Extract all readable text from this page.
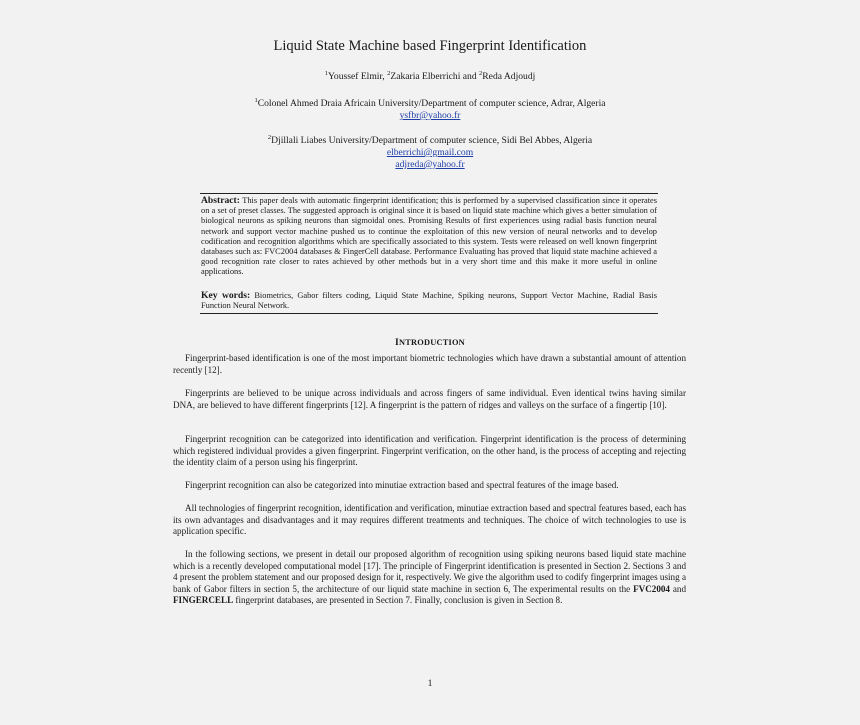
Liquid State Machine based Fingerprint Identification
$^1$Youssef Elmir, $^2$Zakaria Elberrichi and $^2$Reda Adjoudj
$^1$Colonel Ahmed Draia Africain University/Department of computer science, Adrar, Algeria
ysfbr@yahoo.fr
$^2$Djillali Liabes University/Department of computer science, Sidi Bel Abbes, Algeria
elberrichi@gmail.com
adjreda@yahoo.fr
Abstract: This paper deals with automatic fingerprint identification; this is performed by a supervised classification since it operates on a set of preset classes. The suggested approach is original since it is based on liquid state machine which gives a better simulation of biological neurons as spiking neurons than sigmoidal ones. Promising Results of first experiences using radial basis function neural network and support vector machine pushed us to continue the exploitation of this new version of neural networks and to develop codification and recognition algorithms which are specifically associated to this system. Tests were released on well known fingerprint databases such as: FVC2004 databases & FingerCell database. Performance Evaluating has proved that liquid state machine achieved a good recognition rate closer to rates achieved by other methods but in a very short time and this make it more useful in online applications.
Key words: Biometrics, Gabor filters coding, Liquid State Machine, Spiking neurons, Support Vector Machine, Radial Basis Function Neural Network.
INTRODUCTION
Fingerprint-based identification is one of the most important biometric technologies which have drawn a substantial amount of attention recently [12].
Fingerprints are believed to be unique across individuals and across fingers of same individual. Even identical twins having similar DNA, are believed to have different fingerprints [12]. A fingerprint is the pattern of ridges and valleys on the surface of a fingertip [10].
Fingerprint recognition can be categorized into identification and verification. Fingerprint identification is the process of determining which registered individual provides a given fingerprint. Fingerprint verification, on the other hand, is the process of accepting and rejecting the identity claim of a person using his fingerprint.
Fingerprint recognition can also be categorized into minutiae extraction based and spectral features of the image based.
All technologies of fingerprint recognition, identification and verification, minutiae extraction based and spectral features based, each has its own advantages and disadvantages and it may requires different treatments and techniques. The choice of witch technologies to use is application specific.
In the following sections, we present in detail our proposed algorithm of recognition using spiking neurons based liquid state machine which is a recently developed computational model [17]. The principle of Fingerprint identification is presented in Section 2. Sections 3 and 4 present the problem statement and our proposed design for it, respectively. We give the algorithm used to codify fingerprint images using a bank of Gabor filters in section 5, the architecture of our liquid state machine in section 6, The experimental results on the FVC2004 and FINGERCELL fingerprint databases, are presented in Section 7. Finally, conclusion is given in Section 8.
1
